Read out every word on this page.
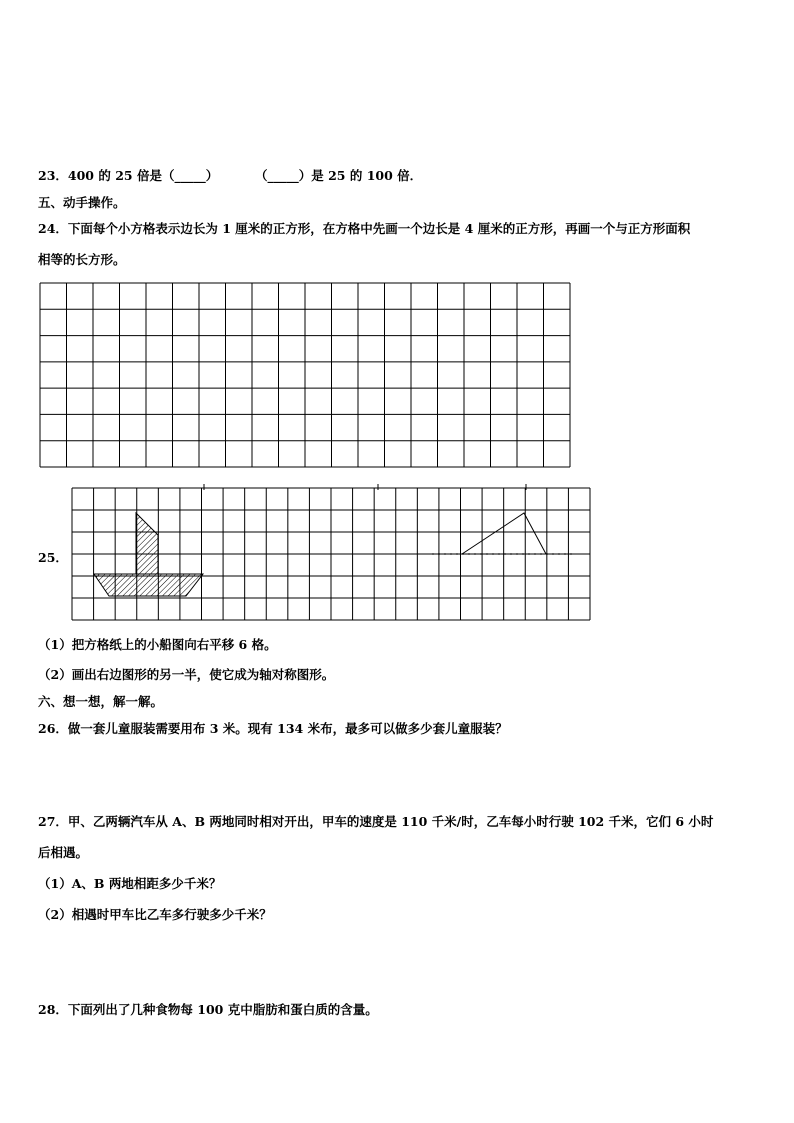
23．400 的 25 倍是（_____）	（_____）是 25 的 100 倍．
五、动手操作。
24．下面每个小方格表示边长为 1 厘米的正方形，在方格中先画一个边长是 4 厘米的正方形，再画一个与正方形面积
相等的长方形。
25．
（1）把方格纸上的小船图向右平移 6 格。
（2）画出右边图形的另一半，使它成为轴对称图形。
六、想一想，解一解。
26．做一套儿童服装需要用布 3 米。现有 134 米布，最多可以做多少套儿童服装？
27．甲、乙两辆汽车从 A、B 两地同时相对开出，甲车的速度是 110 千米/时，乙车每小时行驶 102 千米，它们 6 小时
后相遇。
（1）A、B 两地相距多少千米？
（2）相遇时甲车比乙车多行驶多少千米？
28．下面列出了几种食物每 100 克中脂肪和蛋白质的含量。
